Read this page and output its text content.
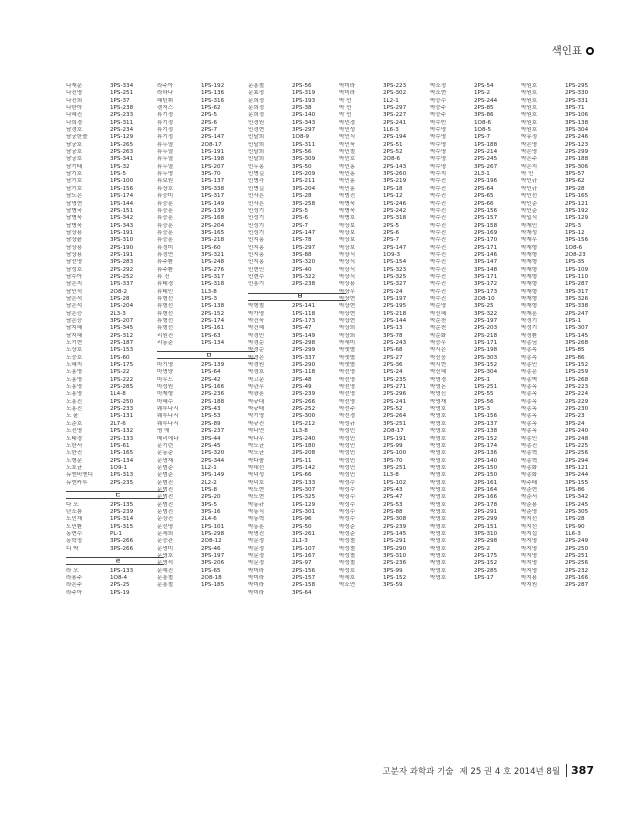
색인표
나재운	3PS-334
나진영	1PS-251
나진희	1PS-37
나한아	1PS-238
나혜진	2PS-233
나희경	1PS-311
남경호	2PS-234
남궁한솔	1PS-129
남궁호	1PS-265
남궁호	2PS-263
남궁호	3PS-341
남기태	1PS-32
남기호	1PS-5
남기호	1PS-100
남기호	1PS-156
남도은	1PS-174
남명현	1PS-144
남병국	2PS-151
남병욱	1PS-342
남병욱	1PS-343
남상용	1PS-191
남상윤	3PS-310
남상용	2PS-190
남상용	2PS-191
남선영	3PS-283
남성호	2PS-292
남수아	2PS-252
남은지	1PS-337
남인석	2O8-2
남은석	1PS-28
남은석	1PS-204
남은승	2L3-3
남은승	3PS-207
남지혜	1PS-345
남지혜	2PS-312
노기현	2PS-187
노상호	1PS-153
노승호	1PS-60
노혜지	1PS-175
노홍영	1PS-22
노홍영	1PS-222
노홍영	2PS-285
노홍영	1L4-8
노홍진	1PS-250
노홍진	2PS-233
노 윤	1PS-131
노준호	2L7-6
노진영	1PS-132
노태경	2PS-133
노한서	1PS-61
노한진	1PS-165
노형운	2PS-134
노호균	1O9-1
뉴엔비엔디	1PS-313
뉴엔카투	2PS-235
ㄷ
다 오	2PS-135
단소룡	2PS-239
도민재	1PS-314
도민환	1PS-315
동현수	PL-1
동학정	3PS-266
디 박	3PS-266
ㄹ
라 오	1PS-133
라용주	1O8-4
라은주	2PS-25
라주아	1PS-19
라주아	1PS-192
라하나	1PS-136
래틴휘	1PS-316
렌지스	1PS-62
류기정	2PS-5
류기정	2PS-6
류기정	2PS-7
류기정	2PS-147
류두열	2O8-17
류두열	1PS-191
류두열	1PS-198
류두열	1PS-207
류두영	3PS-70
류보원	1PS-137
류상호	3PS-338
류승미	1PS-317
류승훈	1PS-149
류승훈	2PS-139
류승훈	2PS-168
류승훈	2PS-204
류승훈	3PS-165
류승훈	3PS-218
류정미	1PS-60
류정연	3PS-321
류주환	1PS-248
류주환	1PS-276
류 진	1PS-317
류태경	1PS-318
류태인	1L3-8
류형선	1PS-3
류형선	1PS-138
류형선	2PS-152
류형선	2PS-174
류형선	1PS-161
리원진	1PS-63
리동준	1PS-134
ㅁ
마기영	2PS-139
마명양	1PS-64
마우드	2PS-42
마성원	1PS-166
마제형	2PS-236
마혜수	2PS-188
웨투나시	2PS-43
웨투나시	1PS-53
웨투나시	2PS-89
명 애	2PS-237
메리에나	3PS-44
문기련	2PS-45
문동준	1PS-320
문명재	2PS-344
문범준	1L2-1
문범준	3PS-149
문범진	2L2-2
문범진	1PS-8
문범진	2PS-20
문범진	3PS-5
문범진	3PS-16
문상진	2L4-6
문선명	1PS-101
문세희	1PS-298
문승관	2O8-12
문영미	2PS-46
문영호	3PS-197
문영석	3PS-206
문예진	1PS-65
문흥철	2O8-18
문흥철	1PS-185
문흥철	2PS-56
문효정	1PS-319
문희정	1PS-193
문희정	2PS-38
문희정	2PS-140
민경원	1PS-343
민경현	3PS-297
민달희	1O8-9
민달희	1PS-311
민달희	3PS-56
민달희	3PS-309
민두홍	3PS-50
민병길	1PS-209
민병각	1PS-211
민병길	3PS-204
민사흔	1PS-28
민사흔	3PS-258
민성기	2PS-5
민성기	2PS-6
민성기	2PS-7
민성기	2PS-147
민지홍	1PS-78
민지홍	1PS-297
민지홍	3PS-88
민지홍	3PS-320
민현인	2PS-40
민현수	3PS-322
민흥기	2PS-238
ㅂ
박형철	2PS-141
박가영	1PS-118
박건욱	2PS-173
박건혜	3PS-47
박경민	3PS-149
박경순	2PS-298
박경순	2PS-299
박경은	3PS-337
박경원	2PS-290
박경호	3PS-118
박고운	2PS-48
박관우	2PS-49
박광훈	2PS-239
박규대	2PS-266
박규태	2PS-252
박기영	2PS-300
박규진	1PS-212
박나연	1L3-8
박나우	2PS-240
박노균	1PS-180
박노균	2PS-208
박다솔	1PS-11
박대선	2PS-142
박덕성	1PS-66
박덕호	2PS-133
박도현	3PS-307
박도현	1PS-325
박동규	1PS-129
박동식	2PS-301
박동혁	1PS-96
박동훈	2PS-50
박명진	3PS-261
박문정	2L1-3
박문정	1PS-107
박문정	1PS-167
박문정	2PS-97
박미라	2PS-156
박미라	2PS-157
박미라	2PS-158
박미라	3PS-64
박미라	3PS-223
박미라	2PS-302
박 민	1L2-1
박 민	1PS-297
박 민	3PS-227
박민경	2PS-241
박민성	1L6-3
박민식	2PS-194
박민욱	2PS-51
박민철	2PS-52
박민호	2O8-6
박민홍	2PS-143
박민홍	3PS-260
박민홍	3PS-219
박민홍	1PS-18
박범진	1PS-12
박병욱	1PS-246
박병욱	2PS-242
박병호	2PS-318
박상보	2PS-5
박상보	2PS-6
박상보	2PS-7
박상보	2PS-147
박상식	1O9-3
박상식	1PS-154
박상식	1PS-323
박상식	1PS-325
박상용	1PS-327
박상우	2PS-24
박상현	1PS-197
박상현	2PS-195
박상현	1PS-218
박상현	2PS-144
박상희	1PS-13
박상희	3PS-78
박새미	2PS-243
박샛별	1PS-68
박샛별	2PS-27
박샛별	2PS-36
박선영	1PS-24
박선영	1PS-235
박선영	2PS-271
박선영	2PS-296
박선영	2PS-241
박선주	2PS-52
박선경	2PS-264
박성규	3PS-251
박성민	2O8-17
박성민	1PS-191
박성민	2PS-99
박성민	2PS-100
박성민	3PS-70
박성민	3PS-251
박성민	1L3-8
박성수	1PS-102
박성수	2PS-43
박성수	2PS-47
박성수	2PS-53
박성수	2PS-88
박성수	2PS-308
박성준	2PS-239
박성준	2PS-145
박성철	1PS-291
박성철	3PS-290
박성철	3PS-310
박성철	2PS-236
박성호	3PS-99
박세호	1PS-152
박소연	3PS-59
박소정	2PS-54
박소현	1PS-2
박승수	2PS-244
박승주	2PS-85
박승주	3PS-86
박수빈	1O8-6
박수영	1O8-5
박수영	1PS-7
박수영	1PS-188
박수영	2PS-214
박수영	2PS-245
박수영	3PS-267
박수지	2L3-1
박수진	2PS-196
박수진	2PS-64
박수진	2PS-65
박수진	2PS-66
박수진	2PS-156
박수진	2PS-157
박수진	2PS-158
박수진	2PS-169
박수진	2PS-170
박수진	2PS-171
박수진	2PS-146
박수진	3PS-147
박수진	3PS-148
박수진	3PS-171
박수진	3PS-172
박수진	3PS-173
박수진	2O8-10
박순영	3PS-25
박신혜	3PS-322
박순천	2PS-197
박순천	2PS-203
박순화	2PS-218
박승우	1PS-171
박시은	2PS-198
박신웅	2PS-303
박시현	3PS-152
박신혜	2PS-304
박영경	2PS-1
박영돈	1PS-251
박영신	2PS-55
박영재	2PS-56
박영호	1PS-3
박영호	1PS-156
박영호	2PS-137
박영호	2PS-138
박영호	2PS-152
박영호	2PS-174
박영호	2PS-136
박영호	2PS-140
박영호	2PS-150
박영호	2PS-150
박영호	2PS-161
박영호	2PS-164
박영호	2PS-166
박영호	2PS-178
박영호	2PS-291
박영호	2PS-299
박영호	2PS-151
박영호	3PS-310
박영호	2PS-298
박영호	2PS-2
박영호	2PS-175
박영호	2PS-152
박영호	2PS-285
박영호	1PS-17
박원호	1PS-295
박원호	2PS-330
박원호	2PS-331
박원호	3PS-71
박원호	3PS-106
박원호	3PS-138
박원호	3PS-304
박유정	2PS-246
박은영	2PS-123
박은영	2PS-299
박은주	2PS-188
박은지	3PS-306
박 인	3PS-57
박인규	3PS-62
박인규	3PS-28
박인선	1PS-165
박인준	2PS-121
박인준	3PS-192
박일식	1PS-129
박재민	2PS-3
박재성	1PS-12
박재우	3PS-156
박재형	1O8-6
박재형	2O8-23
박재형	1PS-35
박재형	1PS-109
박재형	1PS-110
박재형	1PS-287
박재형	3PS-317
박재형	3PS-326
박재형	3PS-338
박재훈	2PS-247
박정기	1PS-1
박정기	1PS-307
박정환	1PS-145
박종님	3PS-268
박종목	1PS-85
박종목	2PS-86
박종민	1PS-152
박종문	1PS-259
박종벽	1PS-268
박종옥	2PS-223
박종옥	2PS-224
박종옥	2PS-229
박종옥	2PS-230
박종옥	2PS-23
박종옥	3PS-24
박종옥	2PS-240
박종인	2PS-248
박종진	1PS-225
박종혁	2PS-256
박종혁	2PS-294
박종화	3PS-121
박종화	3PS-244
박주태	3PS-155
박준현	1PS-86
박준서	1PS-342
박준용	1PS-245
박준영	2PS-305
박지선	1PS-28
박지선	1PS-90
박지섭	1L6-3
박지영	2PS-249
박지영	2PS-250
박지영	2PS-251
박지영	2PS-256
박지영	2PS-232
박지용	2PS-166
박지원	2PS-287
고분자 과학과 기술 제 25 권 4 호 2014년 8월	387
